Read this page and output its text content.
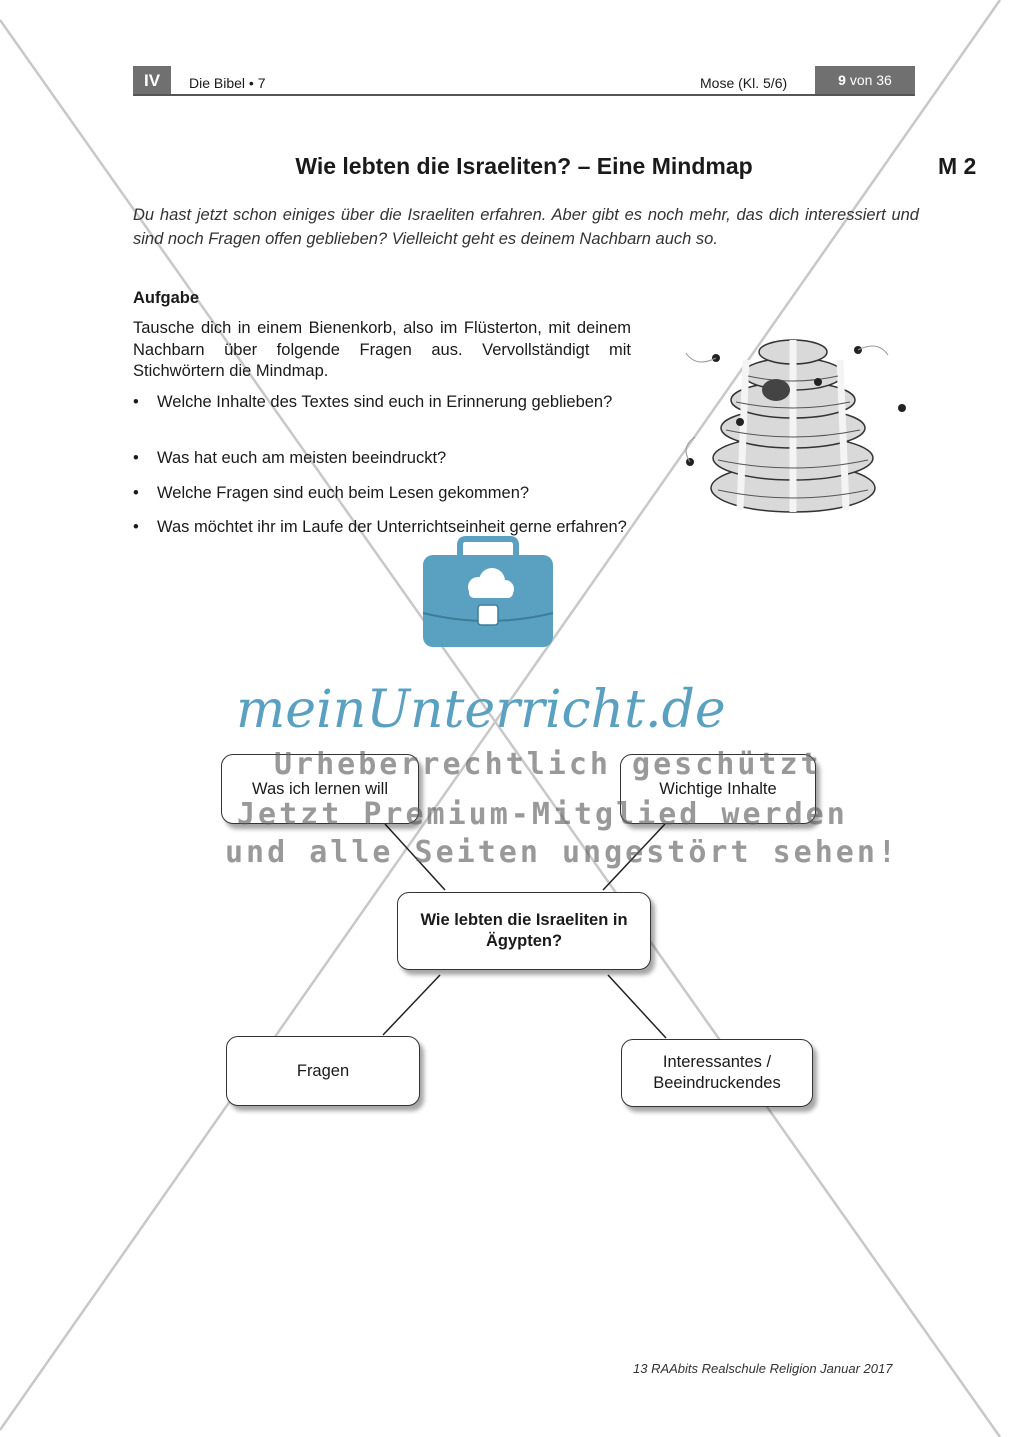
IV	Die Bibel • 7	Mose (Kl. 5/6)	9 von 36
Wie lebten die Israeliten? – Eine Mindmap	M 2
Du hast jetzt schon einiges über die Israeliten erfahren. Aber gibt es noch mehr, das dich interessiert und sind noch Fragen offen geblieben? Vielleicht geht es deinem Nachbarn auch so.
Aufgabe
Tausche dich in einem Bienenkorb, also im Flüsterton, mit deinem Nachbarn über folgende Fragen aus. Vervollständigt mit Stichwörtern die Mindmap.
• Welche Inhalte des Textes sind euch in Erinnerung geblieben?
• Was hat euch am meisten beeindruckt?
• Welche Fragen sind euch beim Lesen gekommen?
• Was möchtet ihr im Laufe der Unterrichtseinheit gerne erfahren?
meinUnterricht.de
Was ich lernen will	Wichtige Inhalte
Wie lebten die Israeliten in Ägypten?
Fragen	Interessantes / Beeindruckendes
Urheberrechtlich geschützt
Jetzt Premium-Mitglied werden
und alle Seiten ungestört sehen!
13 RAAbits Realschule Religion Januar 2017
